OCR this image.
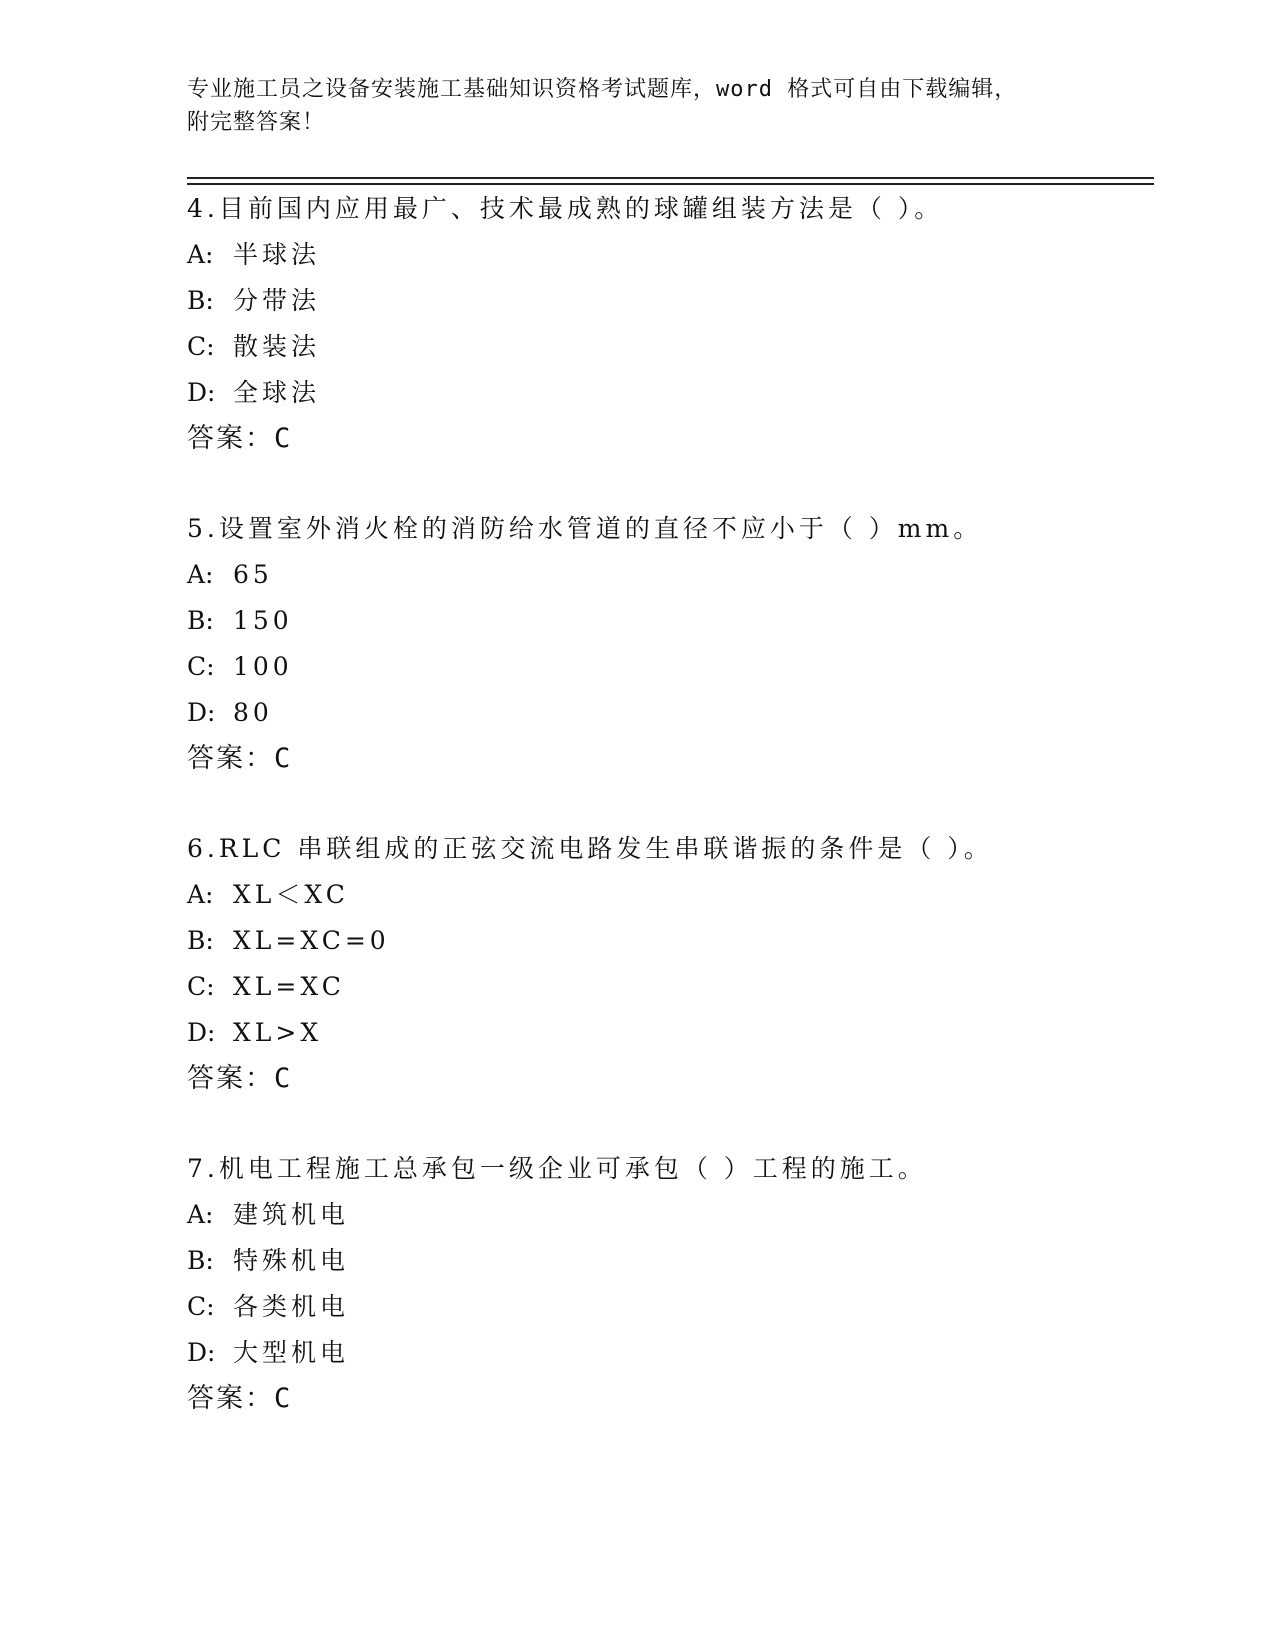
专业施工员之设备安装施工基础知识资格考试题库，word 格式可自由下载编辑，
附完整答案！
4.目前国内应用最广、技术最成熟的球罐组装方法是（ ）。
A: 半球法
B: 分带法
C: 散装法
D: 全球法
答案：C
5.设置室外消火栓的消防给水管道的直径不应小于（ ）mm。
A: 65
B: 150
C: 100
D: 80
答案：C
6.RLC 串联组成的正弦交流电路发生串联谐振的条件是（ ）。
A: XL＜XC
B: XL=XC=0
C: XL=XC
D: XL>X
答案：C
7.机电工程施工总承包一级企业可承包（ ）工程的施工。
A: 建筑机电
B: 特殊机电
C: 各类机电
D: 大型机电
答案：C
